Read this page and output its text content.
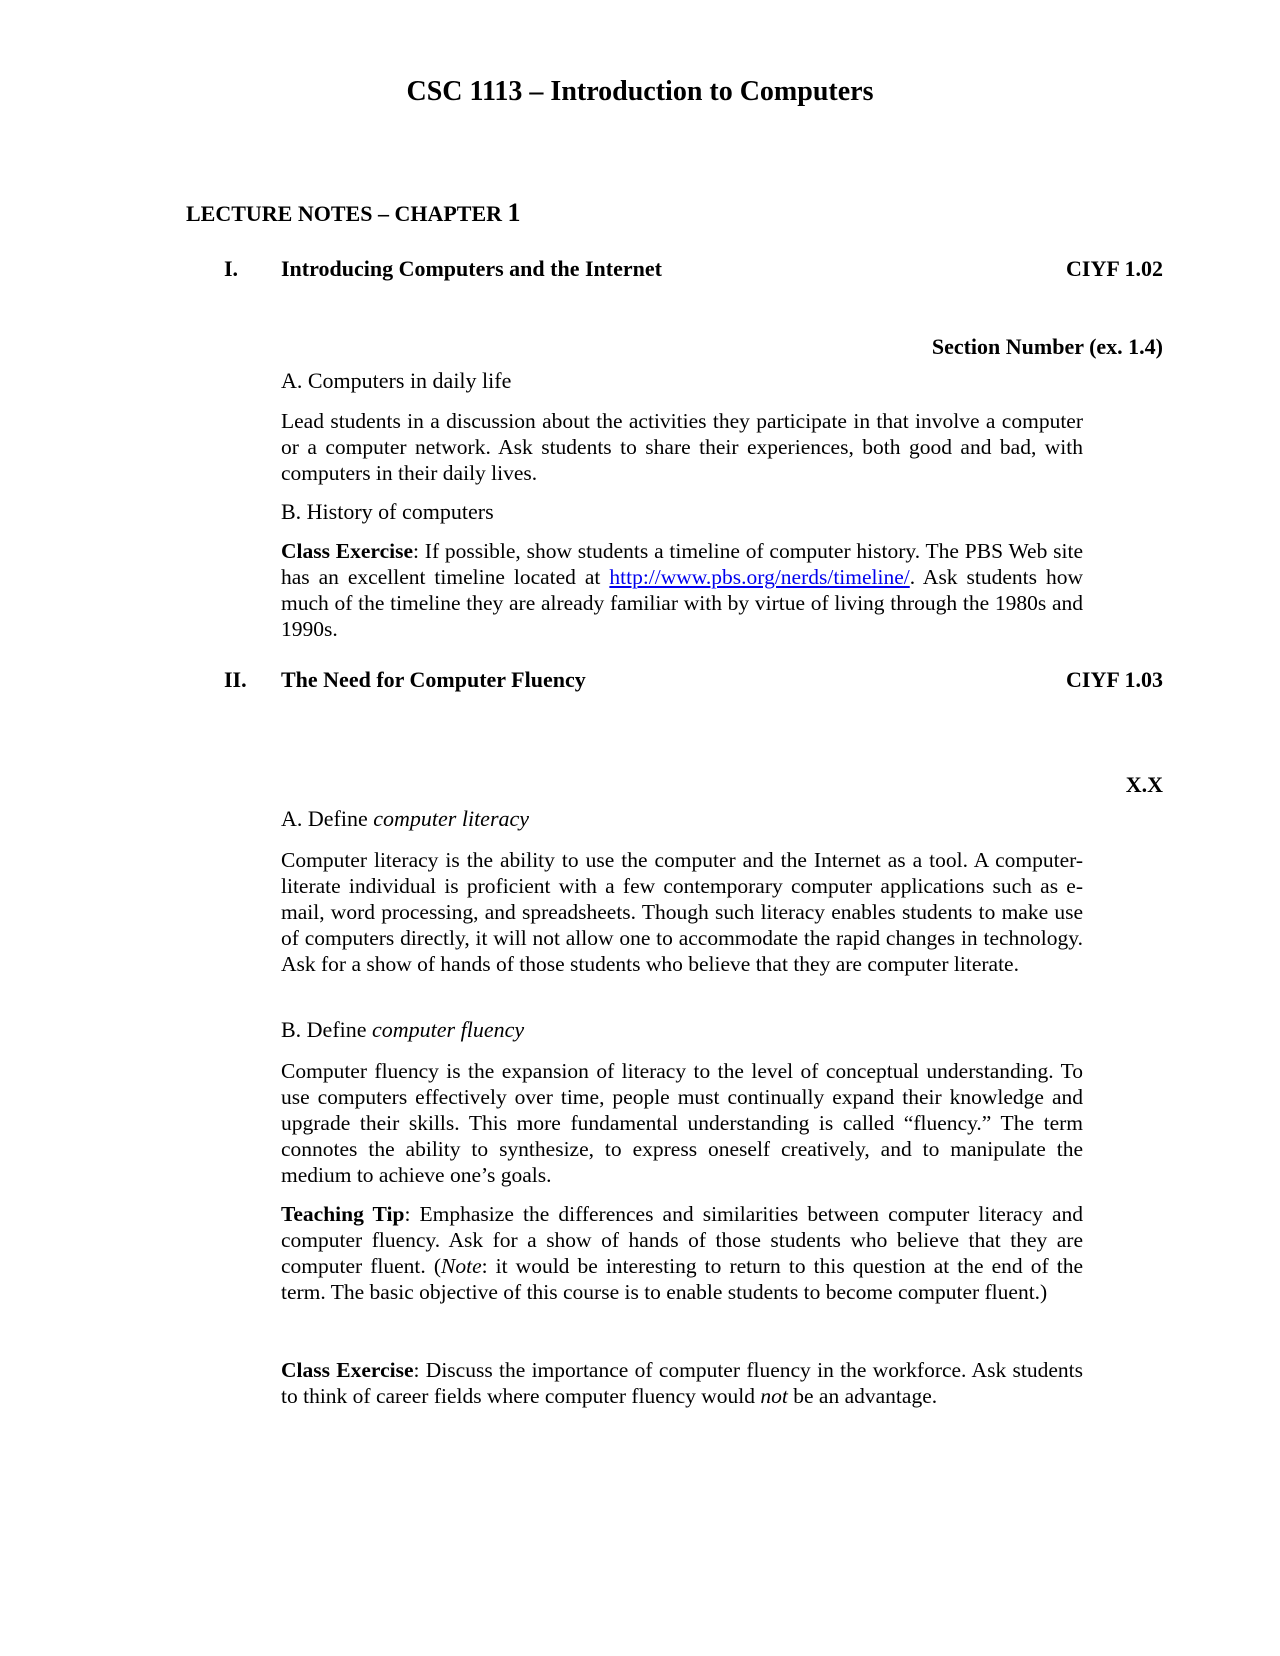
CSC 1113 – Introduction to Computers
LECTURE NOTES – CHAPTER 1
I. Introducing Computers and the Internet	CIYF 1.02
Section Number (ex. 1.4)
A. Computers in daily life

Lead students in a discussion about the activities they participate in that involve a computer or a computer network. Ask students to share their experiences, both good and bad, with computers in their daily lives.

B. History of computers

Class Exercise: If possible, show students a timeline of computer history. The PBS Web site has an excellent timeline located at http://www.pbs.org/nerds/timeline/. Ask students how much of the timeline they are already familiar with by virtue of living through the 1980s and 1990s.

II. The Need for Computer Fluency	CIYF 1.03
X.X
A. Define computer literacy

Computer literacy is the ability to use the computer and the Internet as a tool. A computer-literate individual is proficient with a few contemporary computer applications such as e-mail, word processing, and spreadsheets. Though such literacy enables students to make use of computers directly, it will not allow one to accommodate the rapid changes in technology. Ask for a show of hands of those students who believe that they are computer literate.

B. Define computer fluency

Computer fluency is the expansion of literacy to the level of conceptual understanding. To use computers effectively over time, people must continually expand their knowledge and upgrade their skills. This more fundamental understanding is called “fluency.” The term connotes the ability to synthesize, to express oneself creatively, and to manipulate the medium to achieve one’s goals.

Teaching Tip: Emphasize the differences and similarities between computer literacy and computer fluency. Ask for a show of hands of those students who believe that they are computer fluent. (Note: it would be interesting to return to this question at the end of the term. The basic objective of this course is to enable students to become computer fluent.)

Class Exercise: Discuss the importance of computer fluency in the workforce. Ask students to think of career fields where computer fluency would not be an advantage.
